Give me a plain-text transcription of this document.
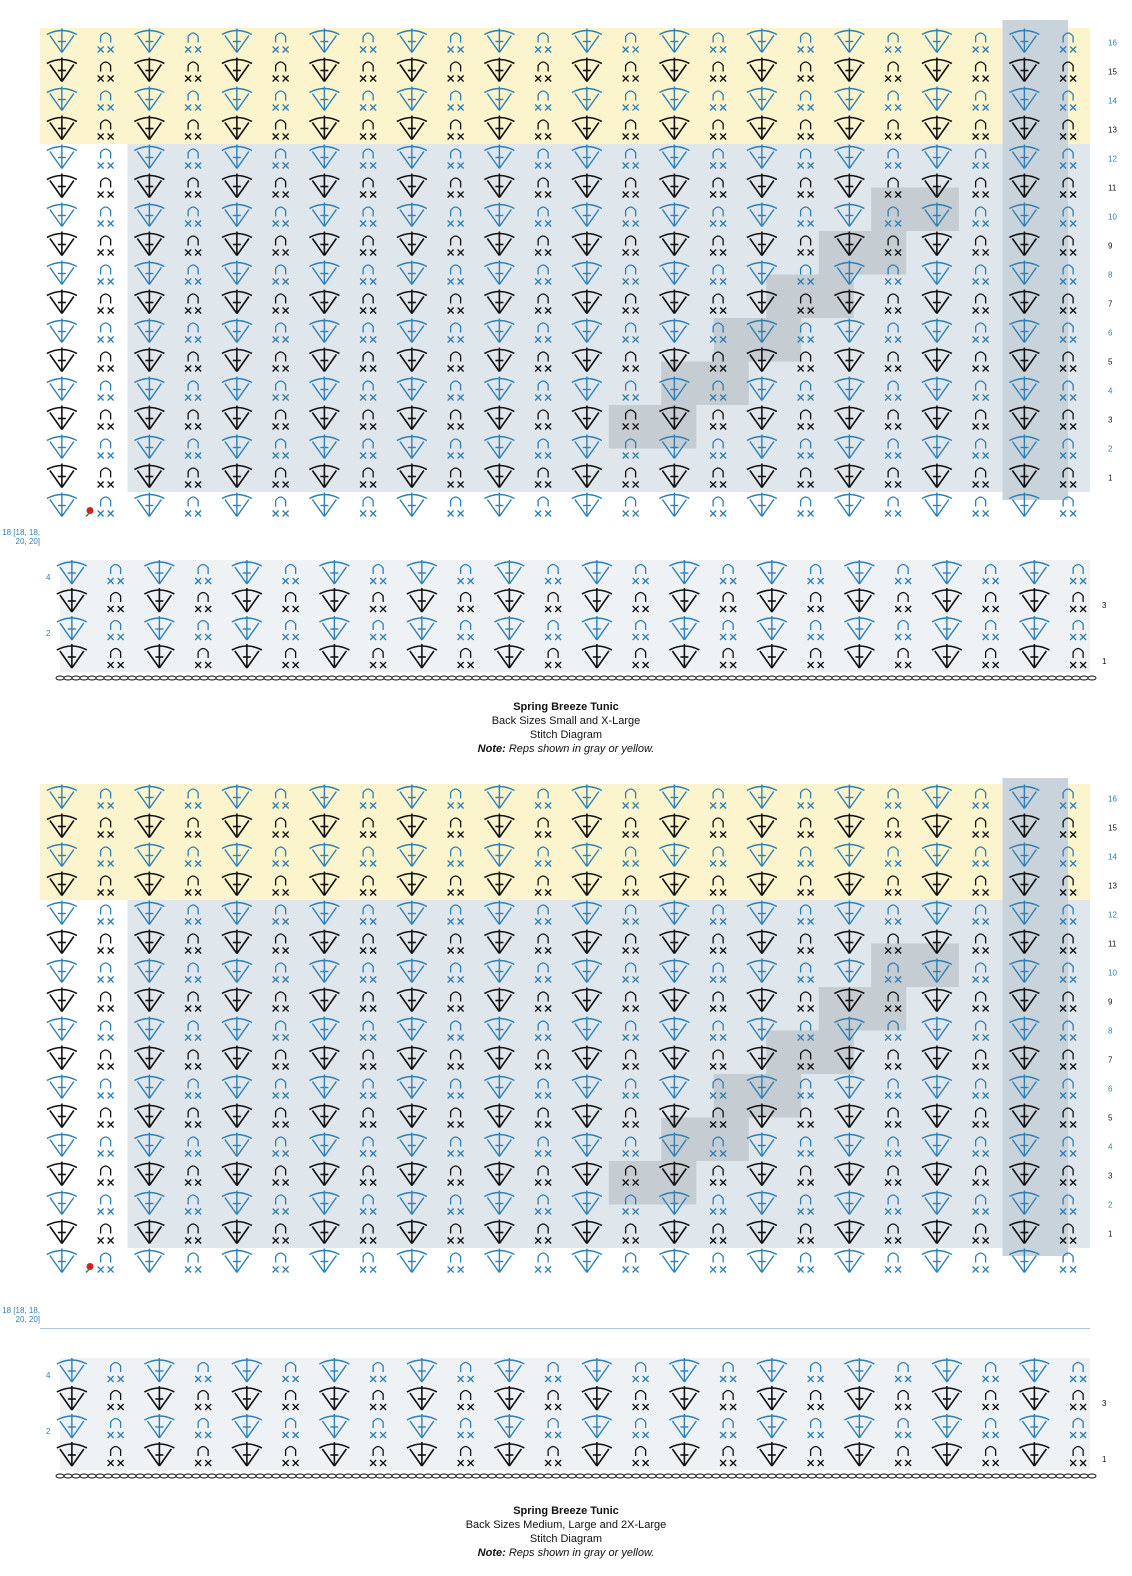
1
2
3
4
5
6
7
8
9
10
11
12
13
14
15
16
1
2
3
4
18 [18, 18,
20, 20]
Spring Breeze Tunic
Back Sizes Small and X-Large
Stitch Diagram
Note: Reps shown in gray or yellow.
1
2
3
4
5
6
7
8
9
10
11
12
13
14
15
16
1
2
3
4
18 [18, 18,
20, 20]
Spring Breeze Tunic
Back Sizes Medium, Large and 2X-Large
Stitch Diagram
Note: Reps shown in gray or yellow.
